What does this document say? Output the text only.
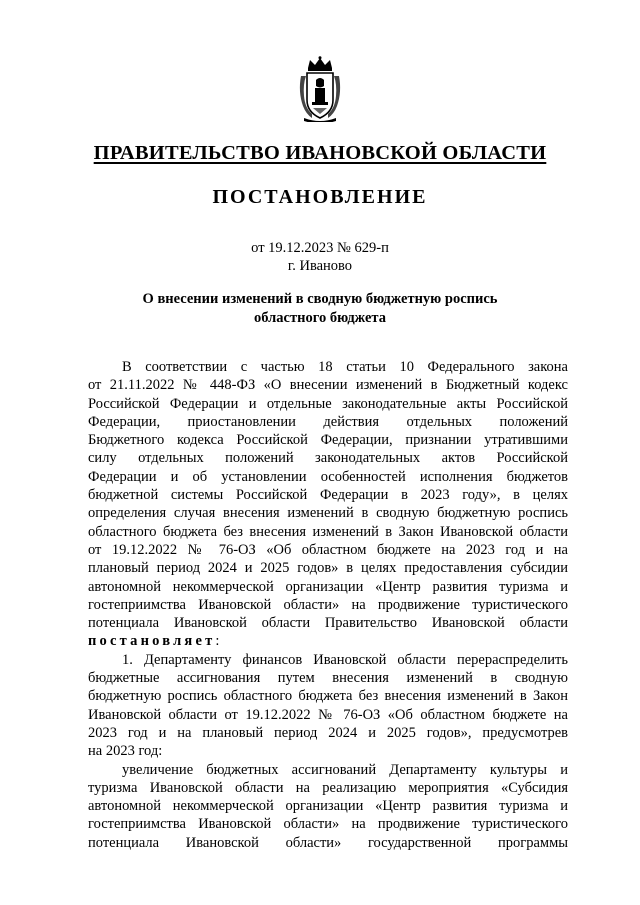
ПРАВИТЕЛЬСТВО ИВАНОВСКОЙ ОБЛАСТИ
ПОСТАНОВЛЕНИЕ
от 19.12.2023 № 629-п
г. Иваново
О внесении изменений в сводную бюджетную роспись
областного бюджета
В соответствии с частью 18 статьи 10 Федерального закона
от 21.11.2022 № 448-ФЗ «О внесении изменений в Бюджетный кодекс
Российской Федерации и отдельные законодательные акты Российской
Федерации, приостановлении действия отдельных положений
Бюджетного кодекса Российской Федерации, признании утратившими
силу отдельных положений законодательных актов Российской
Федерации и об установлении особенностей исполнения бюджетов
бюджетной системы Российской Федерации в 2023 году», в целях
определения случая внесения изменений в сводную бюджетную роспись
областного бюджета без внесения изменений в Закон Ивановской области
от 19.12.2022 № 76-ОЗ «Об областном бюджете на 2023 год и на
плановый период 2024 и 2025 годов» в целях предоставления субсидии
автономной некоммерческой организации «Центр развития туризма и
гостеприимства Ивановской области» на продвижение туристического
потенциала Ивановской области Правительство Ивановской области
постановляет:
1. Департаменту финансов Ивановской области перераспределить
бюджетные ассигнования путем внесения изменений в сводную
бюджетную роспись областного бюджета без внесения изменений в Закон
Ивановской области от 19.12.2022 № 76-ОЗ «Об областном бюджете на
2023 год и на плановый период 2024 и 2025 годов», предусмотрев
на 2023 год:
увеличение бюджетных ассигнований Департаменту культуры и
туризма Ивановской области на реализацию мероприятия «Субсидия
автономной некоммерческой организации «Центр развития туризма и
гостеприимства Ивановской области» на продвижение туристического
потенциала Ивановской области» государственной программы
